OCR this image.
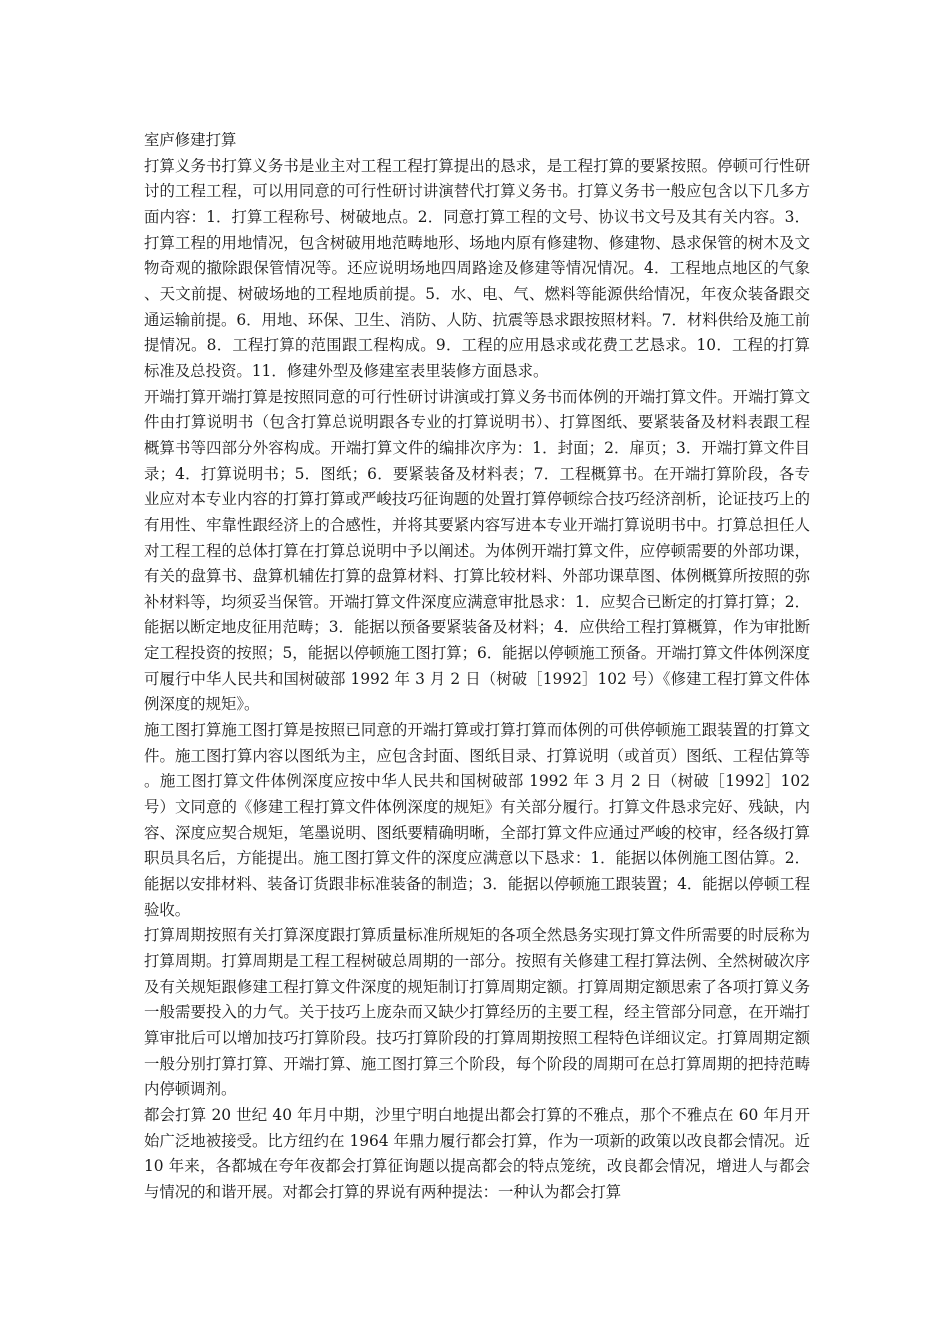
室庐修建打算

打算义务书打算义务书是业主对工程工程打算提出的恳求，是工程打算的要紧按照。停顿可行性研讨的工程工程，可以用同意的可行性研讨讲演替代打算义务书。打算义务书一般应包含以下几多方面内容：1．打算工程称号、树破地点。2．同意打算工程的文号、协议书文号及其有关内容。3．打算工程的用地情况，包含树破用地范畴地形、场地内原有修建物、修建物、恳求保管的树木及文物奇观的撤除跟保管情况等。还应说明场地四周路途及修建等情况情况。4．工程地点地区的气象、天文前提、树破场地的工程地质前提。5．水、电、气、燃料等能源供给情况，年夜众装备跟交通运输前提。6．用地、环保、卫生、消防、人防、抗震等恳求跟按照材料。7．材料供给及施工前提情况。8．工程打算的范围跟工程构成。9．工程的应用恳求或花费工艺恳求。10．工程的打算标准及总投资。11．修建外型及修建室表里装修方面恳求。

开端打算开端打算是按照同意的可行性研讨讲演或打算义务书而体例的开端打算文件。开端打算文件由打算说明书（包含打算总说明跟各专业的打算说明书）、打算图纸、要紧装备及材料表跟工程概算书等四部分外容构成。开端打算文件的编排次序为：1．封面；2．扉页；3．开端打算文件目录；4．打算说明书；5．图纸；6．要紧装备及材料表；7．工程概算书。在开端打算阶段，各专业应对本专业内容的打算打算或严峻技巧征询题的处置打算停顿综合技巧经济剖析，论证技巧上的有用性、牢靠性跟经济上的合感性，并将其要紧内容写进本专业开端打算说明书中。打算总担任人对工程工程的总体打算在打算总说明中予以阐述。为体例开端打算文件，应停顿需要的外部功课，有关的盘算书、盘算机辅佐打算的盘算材料、打算比较材料、外部功课草图、体例概算所按照的弥补材料等，均须妥当保管。开端打算文件深度应满意审批恳求：1．应契合已断定的打算打算；2．能据以断定地皮征用范畴；3．能据以预备要紧装备及材料；4．应供给工程打算概算，作为审批断定工程投资的按照；5，能据以停顿施工图打算；6．能据以停顿施工预备。开端打算文件体例深度可履行中华人民共和国树破部 1992 年 3 月 2 日（树破［1992］102 号）《修建工程打算文件体例深度的规矩》。

施工图打算施工图打算是按照已同意的开端打算或打算打算而体例的可供停顿施工跟装置的打算文件。施工图打算内容以图纸为主，应包含封面、图纸目录、打算说明（或首页）图纸、工程估算等。施工图打算文件体例深度应按中华人民共和国树破部 1992 年 3 月 2 日（树破［1992］102 号）文同意的《修建工程打算文件体例深度的规矩》有关部分履行。打算文件恳求完好、残缺，内容、深度应契合规矩，笔墨说明、图纸要精确明晰，全部打算文件应通过严峻的校审，经各级打算职员具名后，方能提出。施工图打算文件的深度应满意以下恳求：1．能据以体例施工图估算。2．能据以安排材料、装备订货跟非标准装备的制造；3．能据以停顿施工跟装置；4．能据以停顿工程验收。

打算周期按照有关打算深度跟打算质量标准所规矩的各项全然恳务实现打算文件所需要的时辰称为打算周期。打算周期是工程工程树破总周期的一部分。按照有关修建工程打算法例、全然树破次序及有关规矩跟修建工程打算文件深度的规矩制订打算周期定额。打算周期定额思索了各项打算义务一般需要投入的力气。关于技巧上庞杂而又缺少打算经历的主要工程，经主管部分同意，在开端打算审批后可以增加技巧打算阶段。技巧打算阶段的打算周期按照工程特色详细议定。打算周期定额一般分别打算打算、开端打算、施工图打算三个阶段，每个阶段的周期可在总打算周期的把持范畴内停顿调剂。

都会打算 20 世纪 40 年月中期，沙里宁明白地提出都会打算的不雅点，那个不雅点在 60 年月开始广泛地被接受。比方纽约在 1964 年鼎力履行都会打算，作为一项新的政策以改良都会情况。近 10 年来，各都城在夸年夜都会打算征询题以提高都会的特点笼统，改良都会情况，增进人与都会与情况的和谐开展。对都会打算的界说有两种提法：一种认为都会打算
